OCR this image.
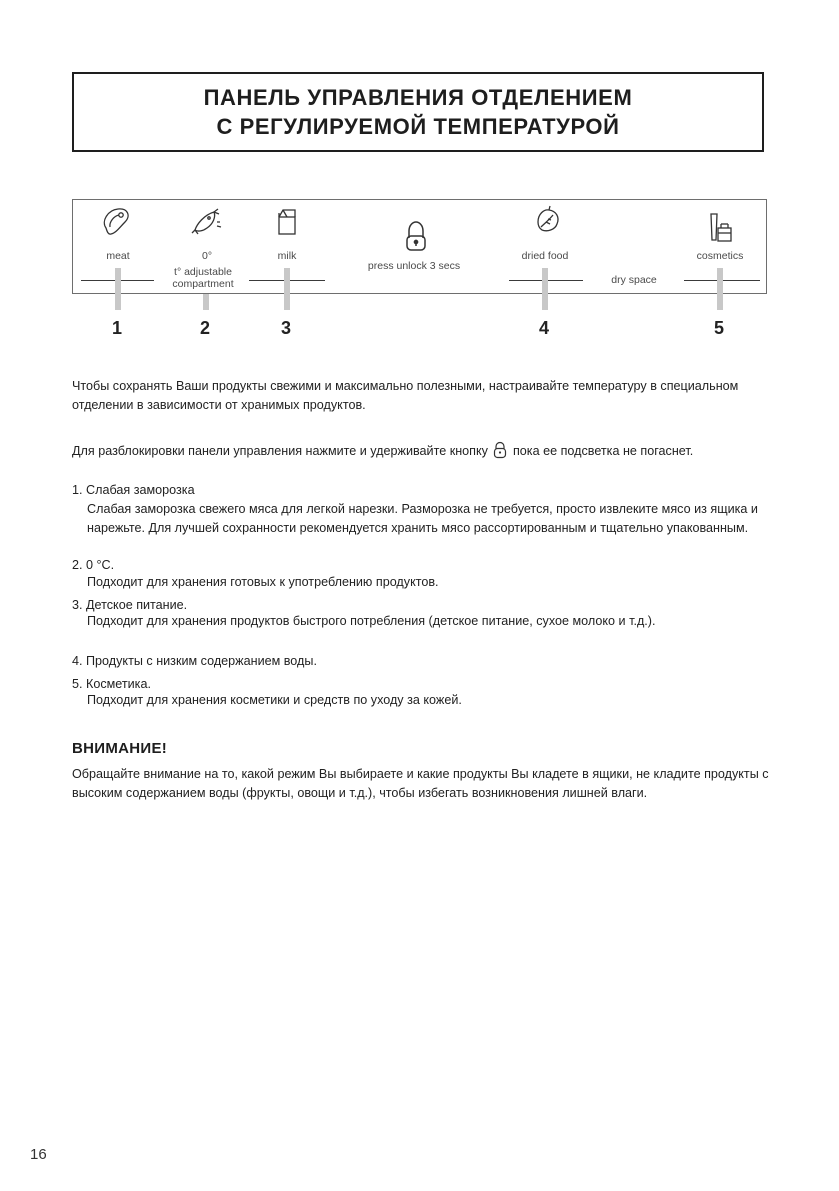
ПАНЕЛЬ УПРАВЛЕНИЯ ОТДЕЛЕНИЕМ
С РЕГУЛИРУЕМОЙ ТЕМПЕРАТУРОЙ
meat	0°
t° adjustable
compartment
milk
press unlock 3 secs
dried food
dry space
cosmetics
1	2	3	4	5
Чтобы сохранять Ваши продукты свежими и максимально полезными, настраивайте температуру в специальном отделении в зависимости от хранимых продуктов.
Для разблокировки панели управления нажмите и удерживайте кнопку пока ее подсветка не погаснет.
1. Слабая заморозка
Слабая заморозка свежего мяса для легкой нарезки. Разморозка не требуется, просто извлеките мясо из ящика и нарежьте. Для лучшей сохранности рекомендуется хранить мясо рассортированным и тщательно упакованным.
2. 0 °С.
Подходит для хранения готовых к употреблению продуктов.
3. Детское питание.
Подходит для хранения продуктов быстрого потребления (детское питание, сухое молоко и т.д.).
4. Продукты с низким содержанием воды.
5. Косметика.
Подходит для хранения косметики и средств по уходу за кожей.
ВНИМАНИЕ!
Обращайте внимание на то, какой режим Вы выбираете и какие продукты Вы кладете в ящики, не кладите продукты с высоким содержанием воды (фрукты, овощи и т.д.), чтобы избегать возникновения лишней влаги.
16
